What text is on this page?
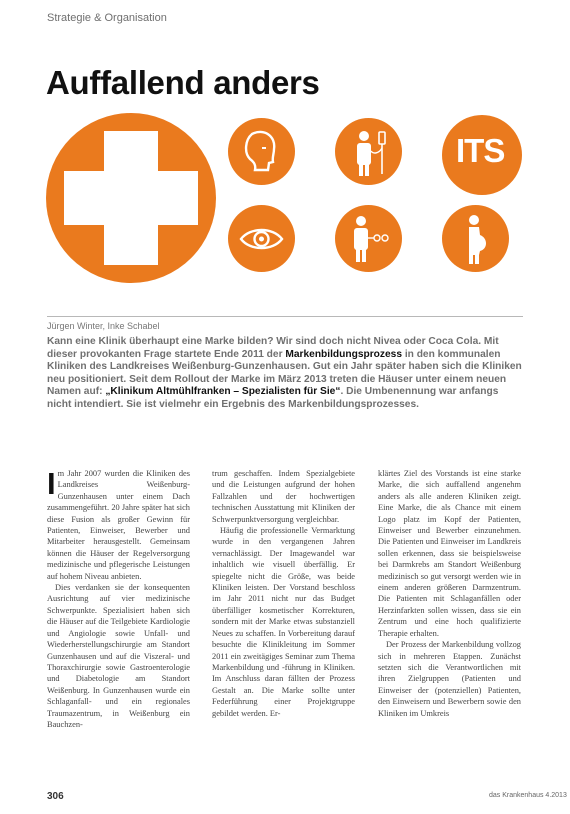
Strategie & Organisation
Auffallend anders
ITS
Jürgen Winter, Inke Schabel
Kann eine Klinik überhaupt eine Marke bilden? Wir sind doch nicht Nivea oder Coca Cola. Mit dieser provokanten Frage startete Ende 2011 der Markenbildungsprozess in den kommunalen Kliniken des Landkreises Weißenburg-Gunzenhausen. Gut ein Jahr später haben sich die Kliniken neu positioniert. Seit dem Rollout der Marke im März 2013 treten die Häuser unter einem neuen Namen auf: „Klinikum Altmühlfranken – Spezialisten für Sie“. Die Umbenennung war anfangs nicht intendiert. Sie ist vielmehr ein Ergebnis des Markenbildungsprozesses.
I m Jahr 2007 wurden die Kliniken des Landkreises Weißenburg-Gunzenhausen unter einem Dach zusammengeführt. 20 Jahre später hat sich diese Fusion als großer Gewinn für Patienten, Einweiser, Bewerber und Mitarbeiter herausgestellt. Gemeinsam können die Häuser der Regelversorgung medizinische und pflegerische Leistungen auf hohem Niveau anbieten.

Dies verdanken sie der konsequenten Ausrichtung auf vier medizinische Schwerpunkte. Spezialisiert haben sich die Häuser auf die Teilgebiete Kardiologie und Angiologie sowie Unfall- und Wiederherstellungschirurgie am Standort Gunzenhausen und auf die Viszeral- und Thoraxchirurgie sowie Gastroenterologie und Diabetologie am Standort Weißenburg. In Gunzenhausen wurde ein Schlaganfall- und ein regionales Traumazentrum, in Weißenburg ein Bauchzen-

trum geschaffen. Indem Spezialgebiete und die Leistungen aufgrund der hohen Fallzahlen und der hochwertigen technischen Ausstattung mit Kliniken der Schwerpunktversorgung vergleichbar.

Häufig die professionelle Vermarktung wurde in den vergangenen Jahren vernachlässigt. Der Imagewandel war inhaltlich wie visuell überfällig. Er spiegelte nicht die Größe, was beide Kliniken leisten. Der Vorstand beschloss im Jahr 2011 nicht nur das Budget überfälliger kosmetischer Korrekturen, sondern mit der Marke etwas substanziell Neues zu schaffen. In Vorbereitung darauf besuchte die Klinikleitung im Sommer 2011 ein zweitägiges Seminar zum Thema Markenbildung und -führung in Kliniken. Im Anschluss daran fällten der Prozess Gestalt an. Die Marke sollte unter Federführung einer Projektgruppe gebildet werden. Er-

klärtes Ziel des Vorstands ist eine starke Marke, die sich auffallend angenehm anders als alle anderen Kliniken zeigt. Eine Marke, die als Chance mit einem Logo platz im Kopf der Patienten, Einweiser und Bewerber einzunehmen. Die Patienten und Einweiser im Landkreis sollen erkennen, dass sie beispielsweise bei Darmkrebs am Standort Weißenburg medizinisch so gut versorgt werden wie in einem anderen größeren Darmzentrum. Die Patienten mit Schlaganfällen oder Herzinfarkten sollen wissen, dass sie ein Zentrum und eine hoch qualifizierte Therapie erhalten.

Der Prozess der Markenbildung vollzog sich in mehreren Etappen. Zunächst setzten sich die Verantwortlichen mit ihren Zielgruppen (Patienten und Einweiser der (potenziellen) Patienten, den Einweisern und Bewerbern sowie den Kliniken im Umkreis

306	das Krankenhaus 4.2013
